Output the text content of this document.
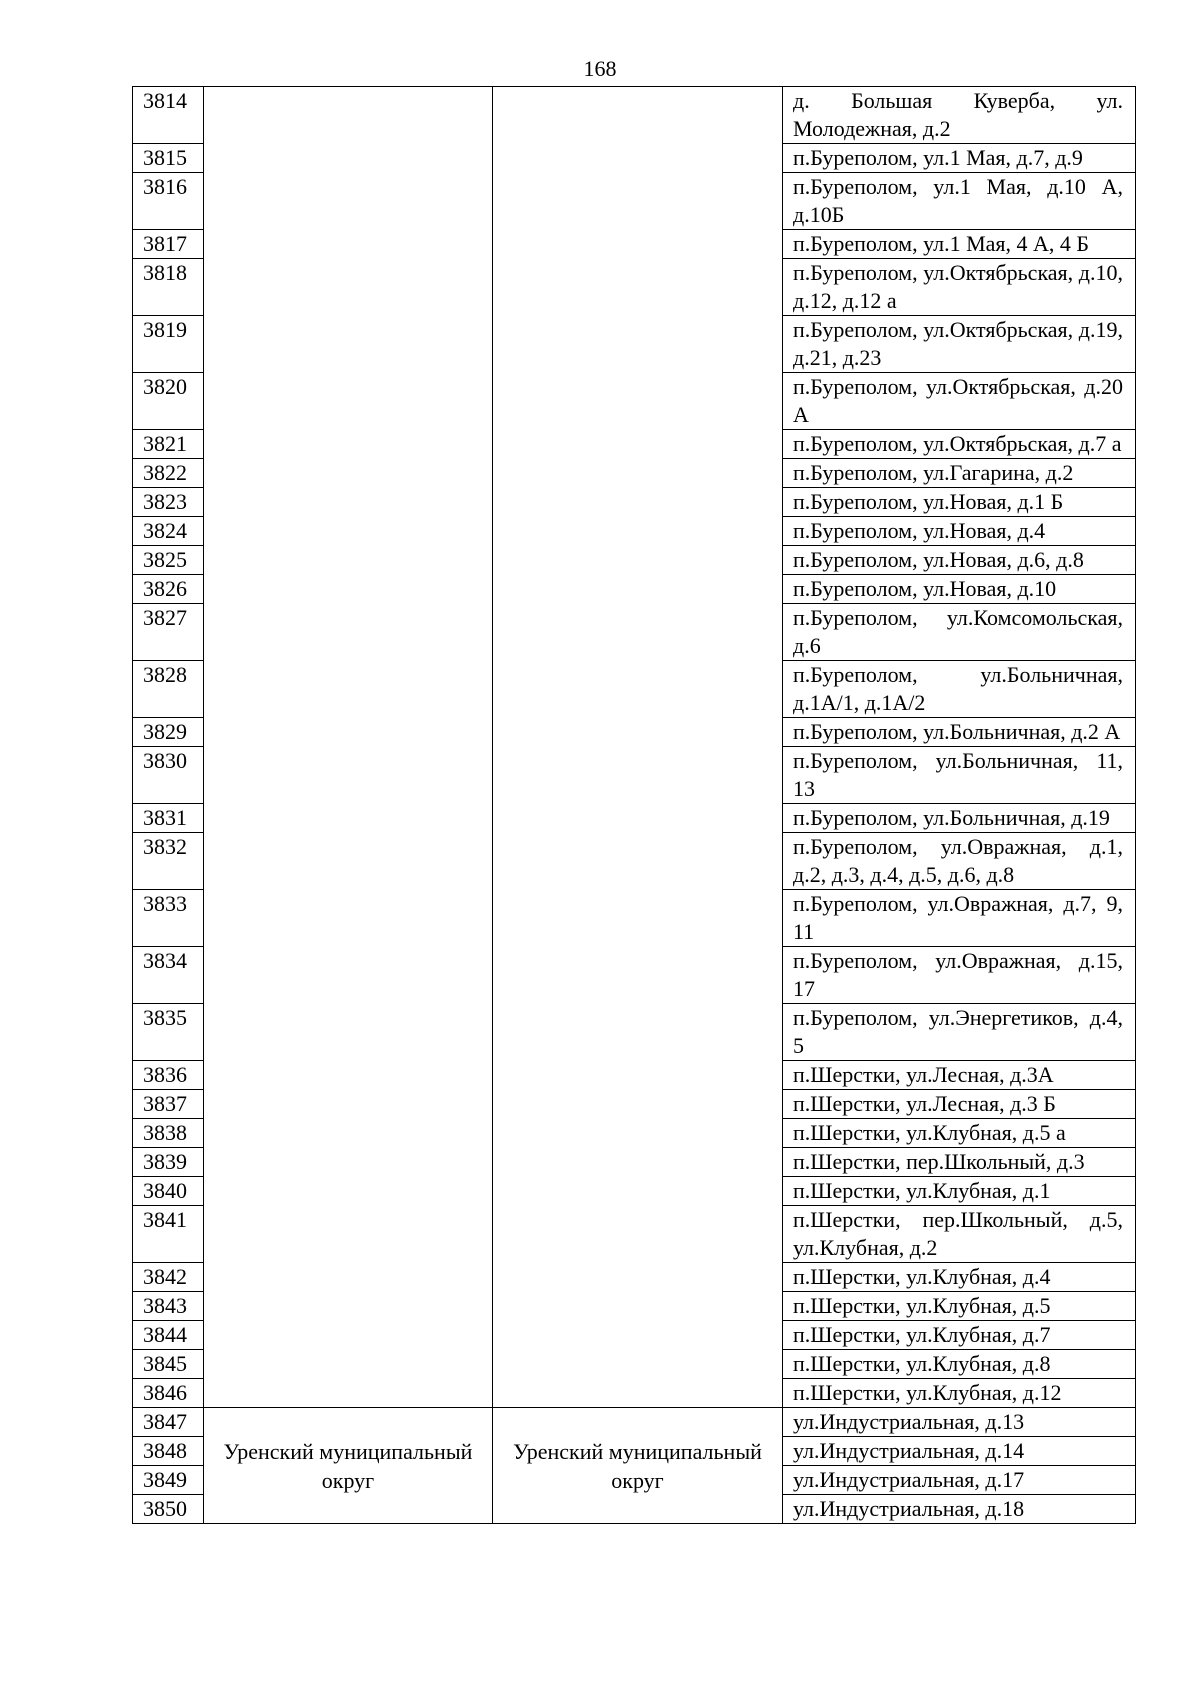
168
3814			д. Большая Куверба, ул. Молодежная, д.2
3815			п.Буреполом, ул.1 Мая, д.7, д.9
3816			п.Буреполом, ул.1 Мая, д.10 А, д.10Б
3817			п.Буреполом, ул.1 Мая, 4 А, 4 Б
3818			п.Буреполом, ул.Октябрьская, д.10, д.12, д.12 а
3819			п.Буреполом, ул.Октябрьская, д.19, д.21, д.23
3820			п.Буреполом, ул.Октябрьская, д.20 А
3821			п.Буреполом, ул.Октябрьская, д.7 а
3822			п.Буреполом, ул.Гагарина, д.2
3823			п.Буреполом, ул.Новая, д.1 Б
3824			п.Буреполом, ул.Новая, д.4
3825			п.Буреполом, ул.Новая, д.6, д.8
3826			п.Буреполом, ул.Новая, д.10
3827			п.Буреполом, ул.Комсомольская, д.6
3828			п.Буреполом, ул.Больничная, д.1А/1, д.1А/2
3829			п.Буреполом, ул.Больничная, д.2 А
3830			п.Буреполом, ул.Больничная, 11, 13
3831			п.Буреполом, ул.Больничная, д.19
3832			п.Буреполом, ул.Овражная, д.1, д.2, д.3, д.4, д.5, д.6, д.8
3833			п.Буреполом, ул.Овражная, д.7, 9, 11
3834			п.Буреполом, ул.Овражная, д.15, 17
3835			п.Буреполом, ул.Энергетиков, д.4, 5
3836			п.Шерстки, ул.Лесная, д.3А
3837			п.Шерстки, ул.Лесная, д.3 Б
3838			п.Шерстки, ул.Клубная, д.5 а
3839			п.Шерстки, пер.Школьный, д.3
3840			п.Шерстки, ул.Клубная, д.1
3841			п.Шерстки, пер.Школьный, д.5, ул.Клубная, д.2
3842			п.Шерстки, ул.Клубная, д.4
3843			п.Шерстки, ул.Клубная, д.5
3844			п.Шерстки, ул.Клубная, д.7
3845			п.Шерстки, ул.Клубная, д.8
3846			п.Шерстки, ул.Клубная, д.12
3847	Уренский муниципальный округ	Уренский муниципальный округ	ул.Индустриальная, д.13
3848			ул.Индустриальная, д.14
3849			ул.Индустриальная, д.17
3850			ул.Индустриальная, д.18
